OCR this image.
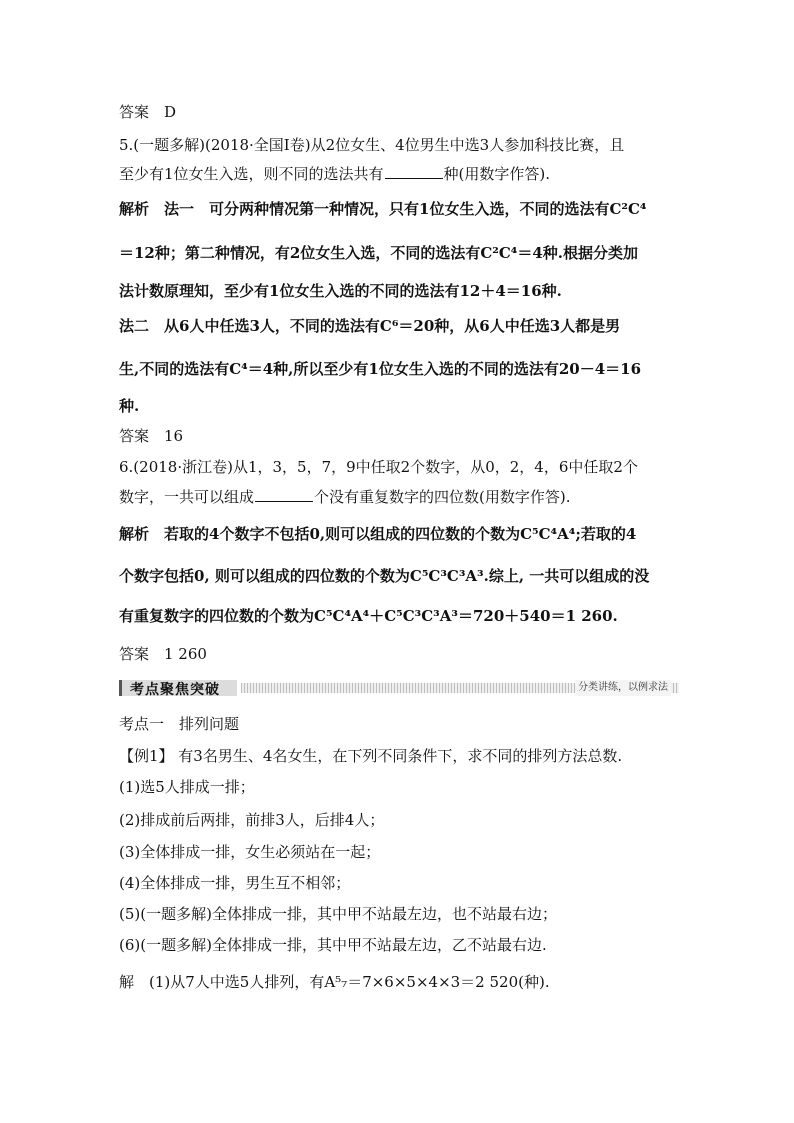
答案　D
5.(一题多解)(2018·全国Ⅰ卷)从2位女生、4位男生中选3人参加科技比赛，且
至少有1位女生入选，则不同的选法共有	种(用数字作答).
解析　法一　可分两种情况第一种情况，只有1位女生入选，不同的选法有C²C⁴
＝12种；第二种情况，有2位女生入选，不同的选法有C²C⁴＝4种.根据分类加
法计数原理知，至少有1位女生入选的不同的选法有12＋4＝16种.
法二　从6人中任选3人，不同的选法有C⁶＝20种，从6人中任选3人都是男
生,不同的选法有C⁴＝4种,所以至少有1位女生入选的不同的选法有20－4＝16
种.
答案　16
6.(2018·浙江卷)从1，3，5，7，9中任取2个数字，从0，2，4，6中任取2个
数字，一共可以组成	个没有重复数字的四位数(用数字作答).
解析　若取的4个数字不包括0,则可以组成的四位数的个数为C⁵C⁴A⁴;若取的4
个数字包括0, 则可以组成的四位数的个数为C⁵C³C³A³.综上, 一共可以组成的没
有重复数字的四位数的个数为C⁵C⁴A⁴＋C⁵C³C³A³＝720＋540＝1 260.
答案　1 260
考点聚焦突破	分类讲练，以例求法
考点一　排列问题
【例1】 有3名男生、4名女生，在下列不同条件下，求不同的排列方法总数.
(1)选5人排成一排；
(2)排成前后两排，前排3人，后排4人；
(3)全体排成一排，女生必须站在一起；
(4)全体排成一排，男生互不相邻；
(5)(一题多解)全体排成一排，其中甲不站最左边，也不站最右边；
(6)(一题多解)全体排成一排，其中甲不站最左边，乙不站最右边.
解　(1)从7人中选5人排列，有A⁵₇＝7×6×5×4×3＝2 520(种).
